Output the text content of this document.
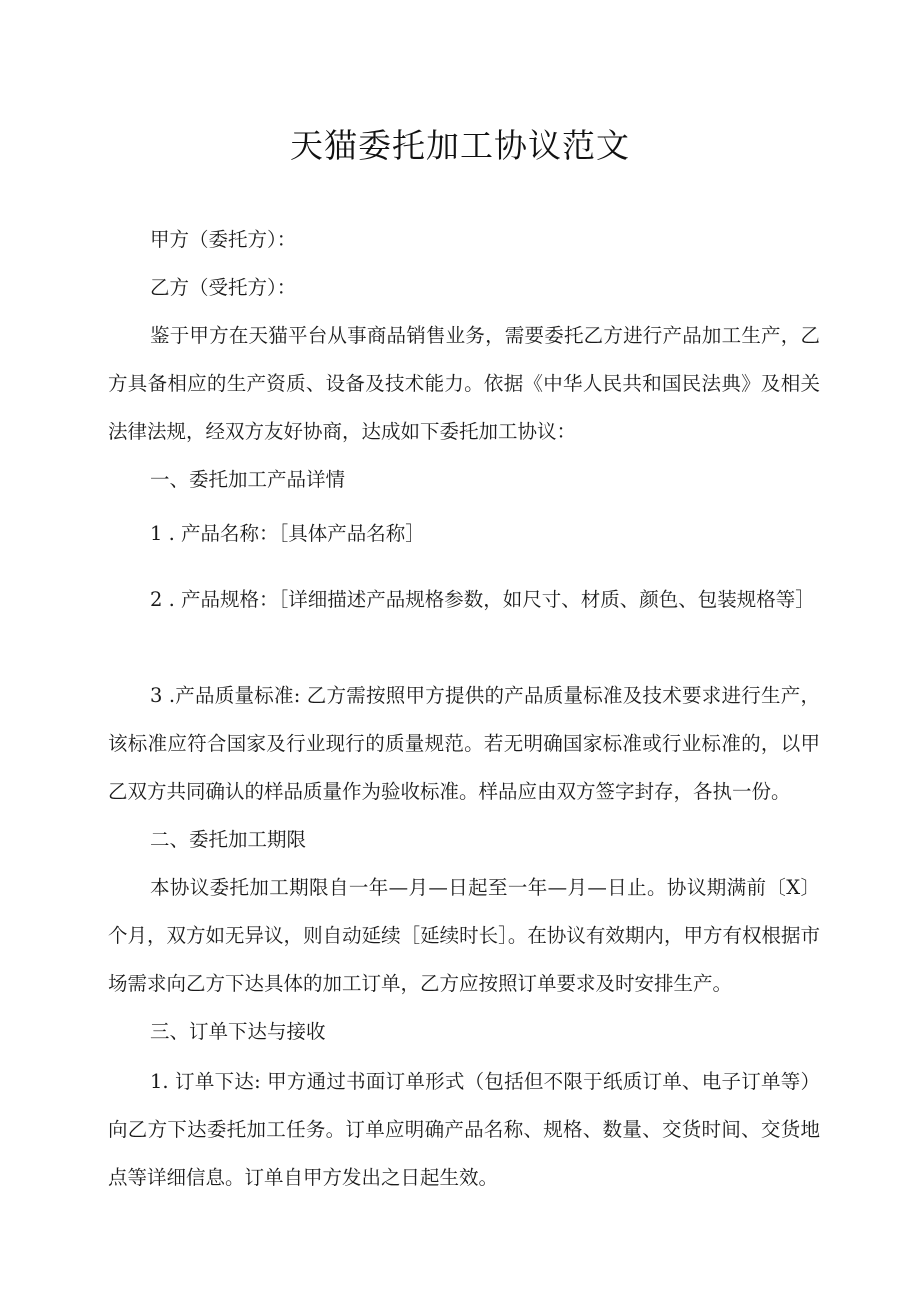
天猫委托加工协议范文

甲方（委托方）：

乙方（受托方）：

鉴于甲方在天猫平台从事商品销售业务，需要委托乙方进行产品加工生产，乙方具备相应的生产资质、设备及技术能力。依据《中华人民共和国民法典》及相关法律法规，经双方友好协商，达成如下委托加工协议：

一、委托加工产品详情

1 . 产品名称：［具体产品名称］

2 . 产品规格：［详细描述产品规格参数，如尺寸、材质、颜色、包装规格等］

3 .产品质量标准: 乙方需按照甲方提供的产品质量标准及技术要求进行生产，该标准应符合国家及行业现行的质量规范。若无明确国家标准或行业标准的，以甲乙双方共同确认的样品质量作为验收标准。样品应由双方签字封存，各执一份。

二、委托加工期限

本协议委托加工期限自一年—月—日起至一年—月—日止。协议期满前〔X〕个月，双方如无异议，则自动延续［延续时长］。在协议有效期内，甲方有权根据市场需求向乙方下达具体的加工订单，乙方应按照订单要求及时安排生产。

三、订单下达与接收

1. 订单下达: 甲方通过书面订单形式（包括但不限于纸质订单、电子订单等）向乙方下达委托加工任务。订单应明确产品名称、规格、数量、交货时间、交货地点等详细信息。订单自甲方发出之日起生效。
